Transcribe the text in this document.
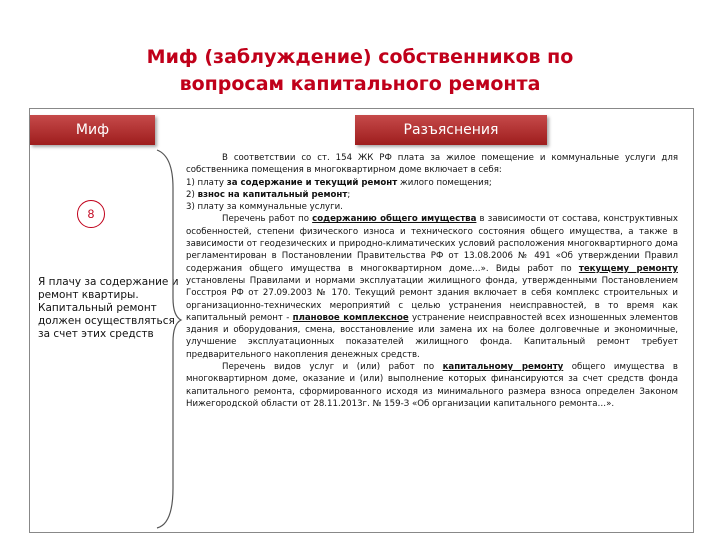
Миф (заблуждение) собственников по
вопросам капитального ремонта
Миф	Разъяснения
8
Я плачу за содержание и ремонт квартиры. Капитальный ремонт должен осуществляться за счет этих средств

В соответствии со ст. 154 ЖК РФ плата за жилое помещение и коммунальные услуги для собственника помещения в многоквартирном доме включает в себя:

1) плату за содержание и текущий ремонт жилого помещения;

2) взнос на капитальный ремонт;

3) плату за коммунальные услуги.

Перечень работ по содержанию общего имущества в зависимости от состава, конструктивных особенностей, степени физического износа и технического состояния общего имущества, а также в зависимости от геодезических и природно-климатических условий расположения многоквартирного дома регламентирован в Постановлении Правительства РФ от 13.08.2006 № 491 «Об утверждении Правил содержания общего имущества в многоквартирном доме…». Виды работ по текущему ремонту установлены Правилами и нормами эксплуатации жилищного фонда, утвержденными Постановлением Госстроя РФ от 27.09.2003 № 170. Текущий ремонт здания включает в себя комплекс строительных и организационно-технических мероприятий с целью устранения неисправностей, в то время как капитальный ремонт - плановое комплексное устранение неисправностей всех изношенных элементов здания и оборудования, смена, восстановление или замена их на более долговечные и экономичные, улучшение эксплуатационных показателей жилищного фонда. Капитальный ремонт требует предварительного накопления денежных средств.

Перечень видов услуг и (или) работ по капитальному ремонту общего имущества в многоквартирном доме, оказание и (или) выполнение которых финансируются за счет средств фонда капитального ремонта, сформированного исходя из минимального размера взноса определен Законом Нижегородской области от 28.11.2013г. № 159-З «Об организации капитального ремонта…».
